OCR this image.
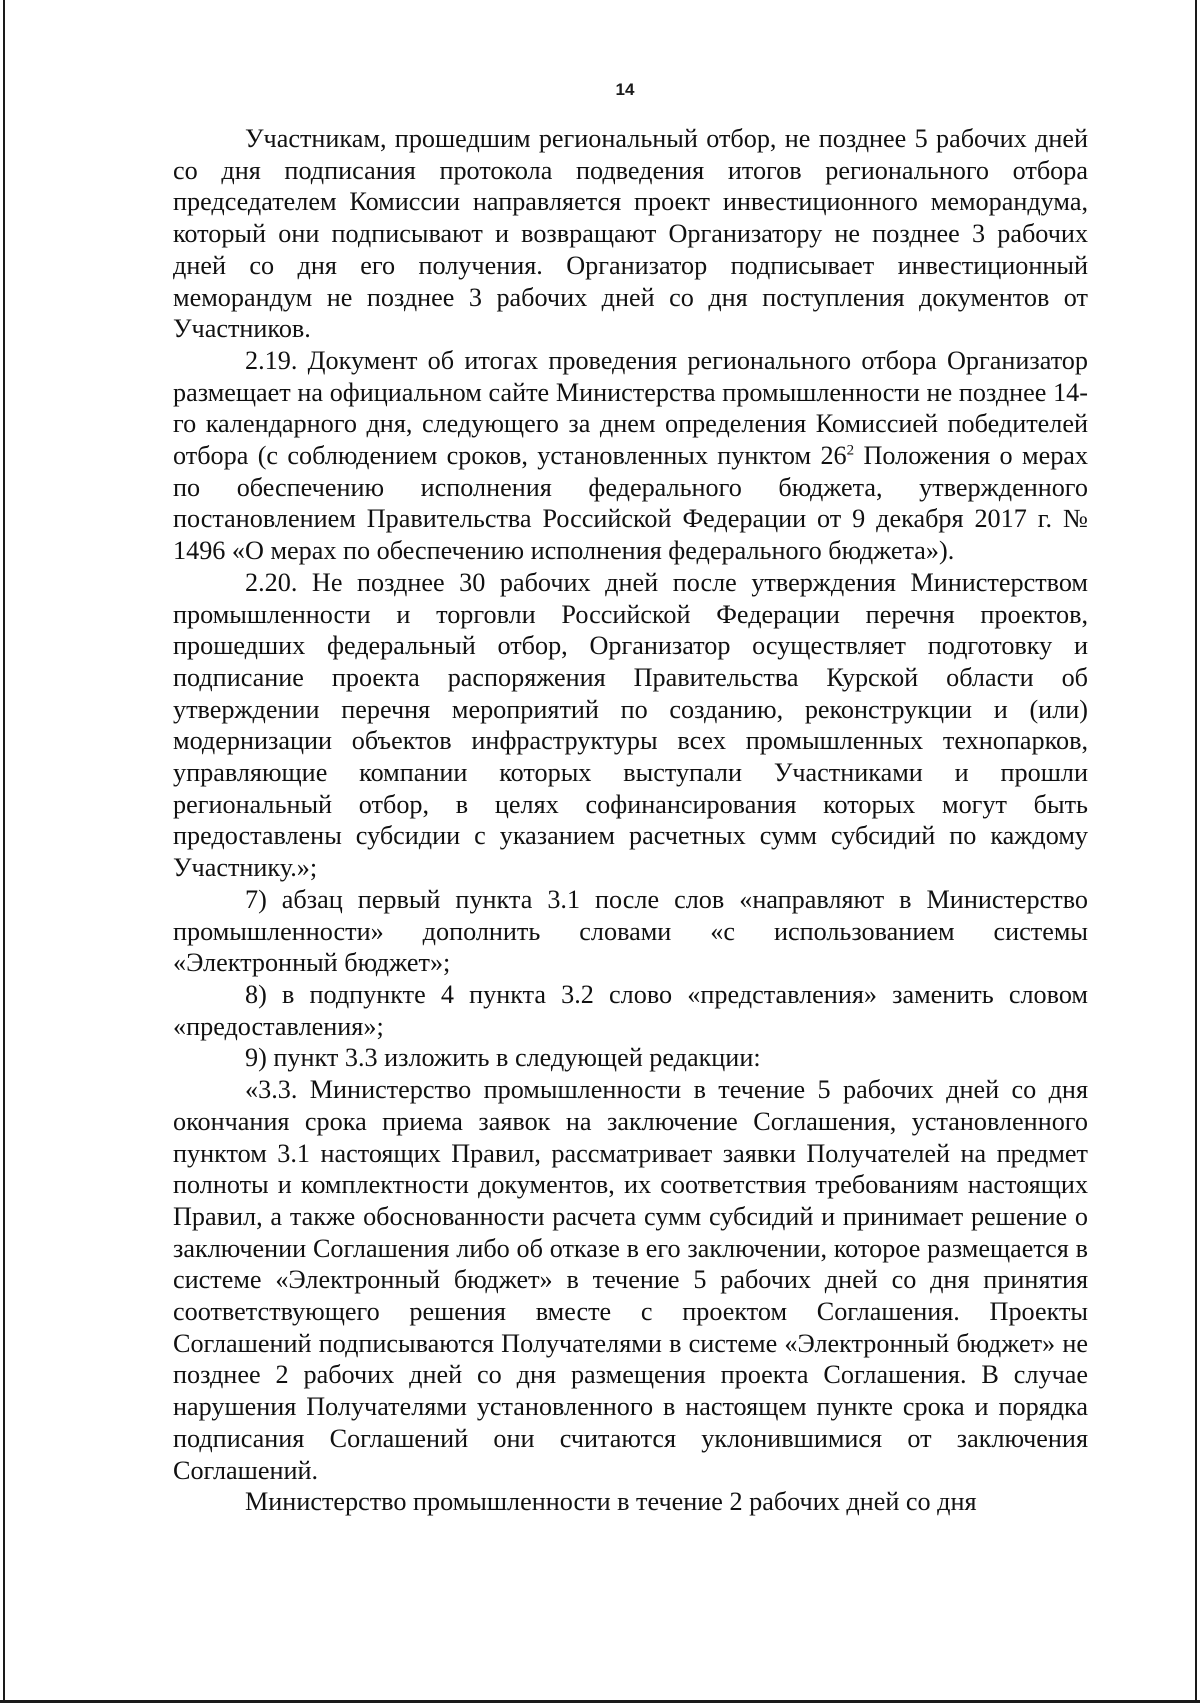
14

Участникам, прошедшим региональный отбор, не позднее 5 рабочих дней со дня подписания протокола подведения итогов регионального отбора председателем Комиссии направляется проект инвестиционного меморандума, который они подписывают и возвращают Организатору не позднее 3 рабочих дней со дня его получения. Организатор подписывает инвестиционный меморандум не позднее 3 рабочих дней со дня поступления документов от Участников.

2.19. Документ об итогах проведения регионального отбора Организатор размещает на официальном сайте Министерства промышленности не позднее 14-го календарного дня, следующего за днем определения Комиссией победителей отбора (с соблюдением сроков, установленных пунктом $26^2$ Положения о мерах по обеспечению исполнения федерального бюджета, утвержденного постановлением Правительства Российской Федерации от 9 декабря 2017 г. № 1496 «О мерах по обеспечению исполнения федерального бюджета»).

2.20. Не позднее 30 рабочих дней после утверждения Министерством промышленности и торговли Российской Федерации перечня проектов, прошедших федеральный отбор, Организатор осуществляет подготовку и подписание проекта распоряжения Правительства Курской области об утверждении перечня мероприятий по созданию, реконструкции и (или) модернизации объектов инфраструктуры всех промышленных технопарков, управляющие компании которых выступали Участниками и прошли региональный отбор, в целях софинансирования которых могут быть предоставлены субсидии с указанием расчетных сумм субсидий по каждому Участнику.»;

7) абзац первый пункта 3.1 после слов «направляют в Министерство промышленности» дополнить словами «с использованием системы «Электронный бюджет»;

8) в подпункте 4 пункта 3.2 слово «представления» заменить словом «предоставления»;

9) пункт 3.3 изложить в следующей редакции:

«3.3. Министерство промышленности в течение 5 рабочих дней со дня окончания срока приема заявок на заключение Соглашения, установленного пунктом 3.1 настоящих Правил, рассматривает заявки Получателей на предмет полноты и комплектности документов, их соответствия требованиям настоящих Правил, а также обоснованности расчета сумм субсидий и принимает решение о заключении Соглашения либо об отказе в его заключении, которое размещается в системе «Электронный бюджет» в течение 5 рабочих дней со дня принятия соответствующего решения вместе с проектом Соглашения. Проекты Соглашений подписываются Получателями в системе «Электронный бюджет» не позднее 2 рабочих дней со дня размещения проекта Соглашения. В случае нарушения Получателями установленного в настоящем пункте срока и порядка подписания Соглашений они считаются уклонившимися от заключения Соглашений.

Министерство промышленности в течение 2 рабочих дней со дня
